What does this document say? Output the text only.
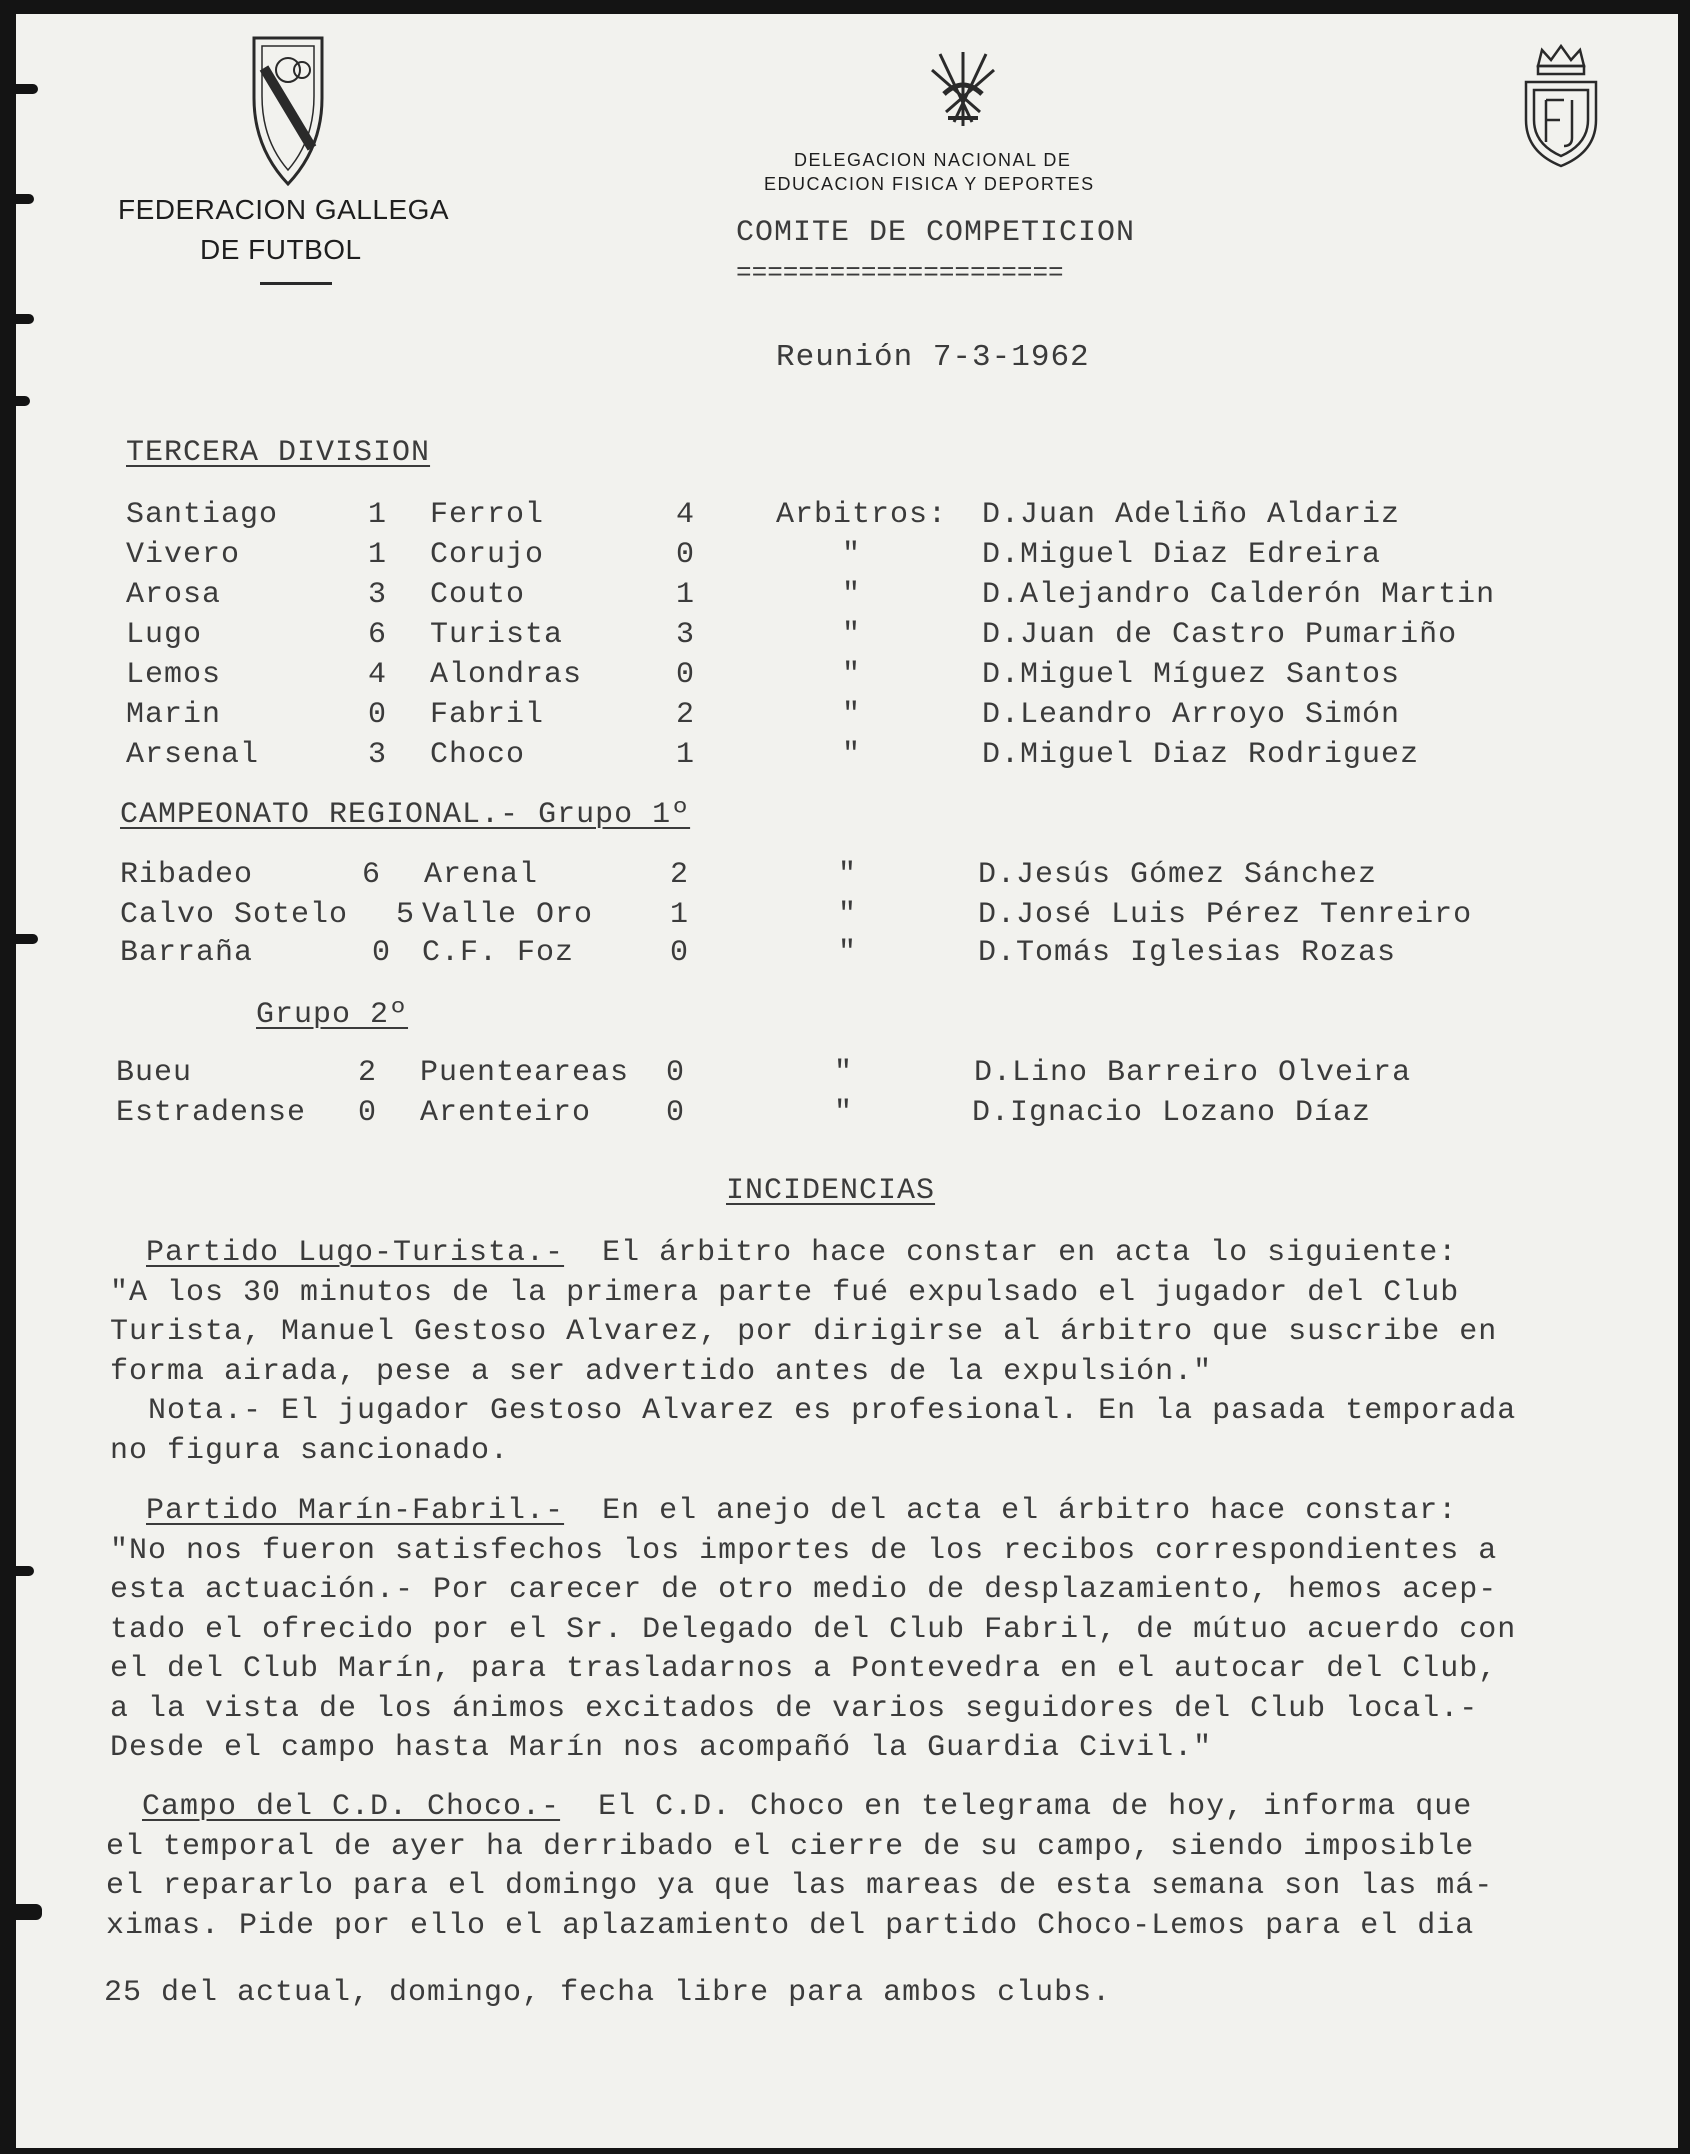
FEDERACION GALLEGA
DE FUTBOL
DELEGACION NACIONAL DE
EDUCACION FISICA Y DEPORTES
COMITE DE COMPETICION
=====================
Reunión 7-3-1962
TERCERA DIVISION
Santiago	1 Ferrol	4	Arbitros: D.Juan Adeliño Aldariz
Vivero	1 Corujo	0	"	D.Miguel Diaz Edreira
Arosa	3 Couto	1	"	D.Alejandro Calderón Martin
Lugo	6 Turista	3	"	D.Juan de Castro Pumariño
Lemos	4 Alondras	0	"	D.Miguel Míguez Santos
Marin	0 Fabril	2	"	D.Leandro Arroyo Simón
Arsenal	3 Choco	1	"	D.Miguel Diaz Rodriguez
CAMPEONATO REGIONAL.- Grupo 1º
Ribadeo	6 Arenal	2	"	D.Jesús Gómez Sánchez
Calvo Sotelo 5 Valle Oro	1	"	D.José Luis Pérez Tenreiro
Barraña	0 C.F. Foz	0	"	D.Tomás Iglesias Rozas
Grupo 2º
Bueu	2 Puenteareas 0	"	D.Lino Barreiro Olveira
Estradense 0 Arenteiro 0	"	D.Ignacio Lozano Díaz
INCIDENCIAS
Partido Lugo-Turista.-  El árbitro hace constar en acta lo siguiente:
"A los 30 minutos de la primera parte fué expulsado el jugador del Club
Turista, Manuel Gestoso Alvarez, por dirigirse al árbitro que suscribe en
forma airada, pese a ser advertido antes de la expulsión."
Nota.- El jugador Gestoso Alvarez es profesional. En la pasada temporada
no figura sancionado.
Partido Marín-Fabril.-  En el anejo del acta el árbitro hace constar:
"No nos fueron satisfechos los importes de los recibos correspondientes a
esta actuación.- Por carecer de otro medio de desplazamiento, hemos acep-
tado el ofrecido por el Sr. Delegado del Club Fabril, de mútuo acuerdo con
el del Club Marín, para trasladarnos a Pontevedra en el autocar del Club,
a la vista de los ánimos excitados de varios seguidores del Club local.-
Desde el campo hasta Marín nos acompañó la Guardia Civil."
Campo del C.D. Choco.-  El C.D. Choco en telegrama de hoy, informa que
el temporal de ayer ha derribado el cierre de su campo, siendo imposible
el repararlo para el domingo ya que las mareas de esta semana son las má-
ximas. Pide por ello el aplazamiento del partido Choco-Lemos para el dia
25 del actual, domingo, fecha libre para ambos clubs.
